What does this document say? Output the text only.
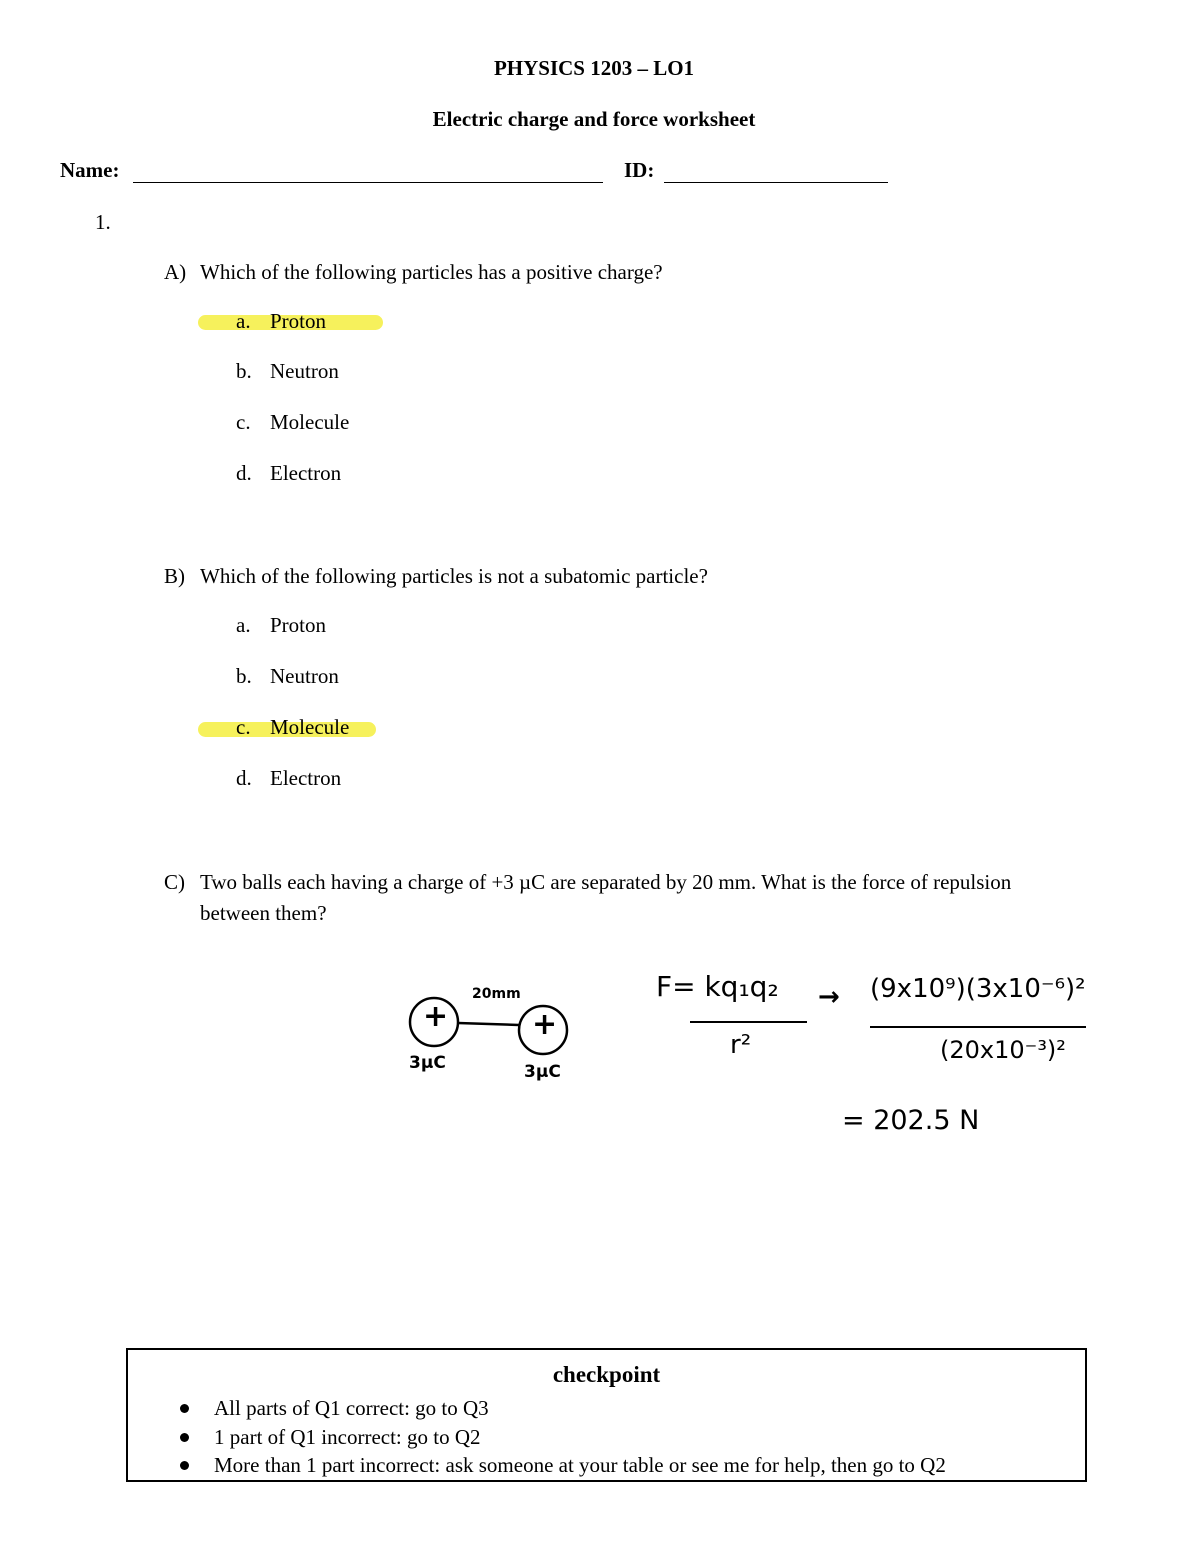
PHYSICS 1203 – LO1
Electric charge and force worksheet
Name:	ID:
1.
A) Which of the following particles has a positive charge?
a. Proton
b. Neutron
c. Molecule
d. Electron
B) Which of the following particles is not a subatomic particle?
a. Proton
b. Neutron
c. Molecule
d. Electron
C) Two balls each having a charge of +3 µC are separated by 20 mm. What is the force of repulsion
between them?
+	+
20mm
3µC	3µC
F= kq₁q₂
r²
→ (9x10⁹)(3x10⁻⁶)²
(20x10⁻³)²
= 202.5 N
checkpoint
All parts of Q1 correct: go to Q3
1 part of Q1 incorrect: go to Q2
More than 1 part incorrect: ask someone at your table or see me for help, then go to Q2
